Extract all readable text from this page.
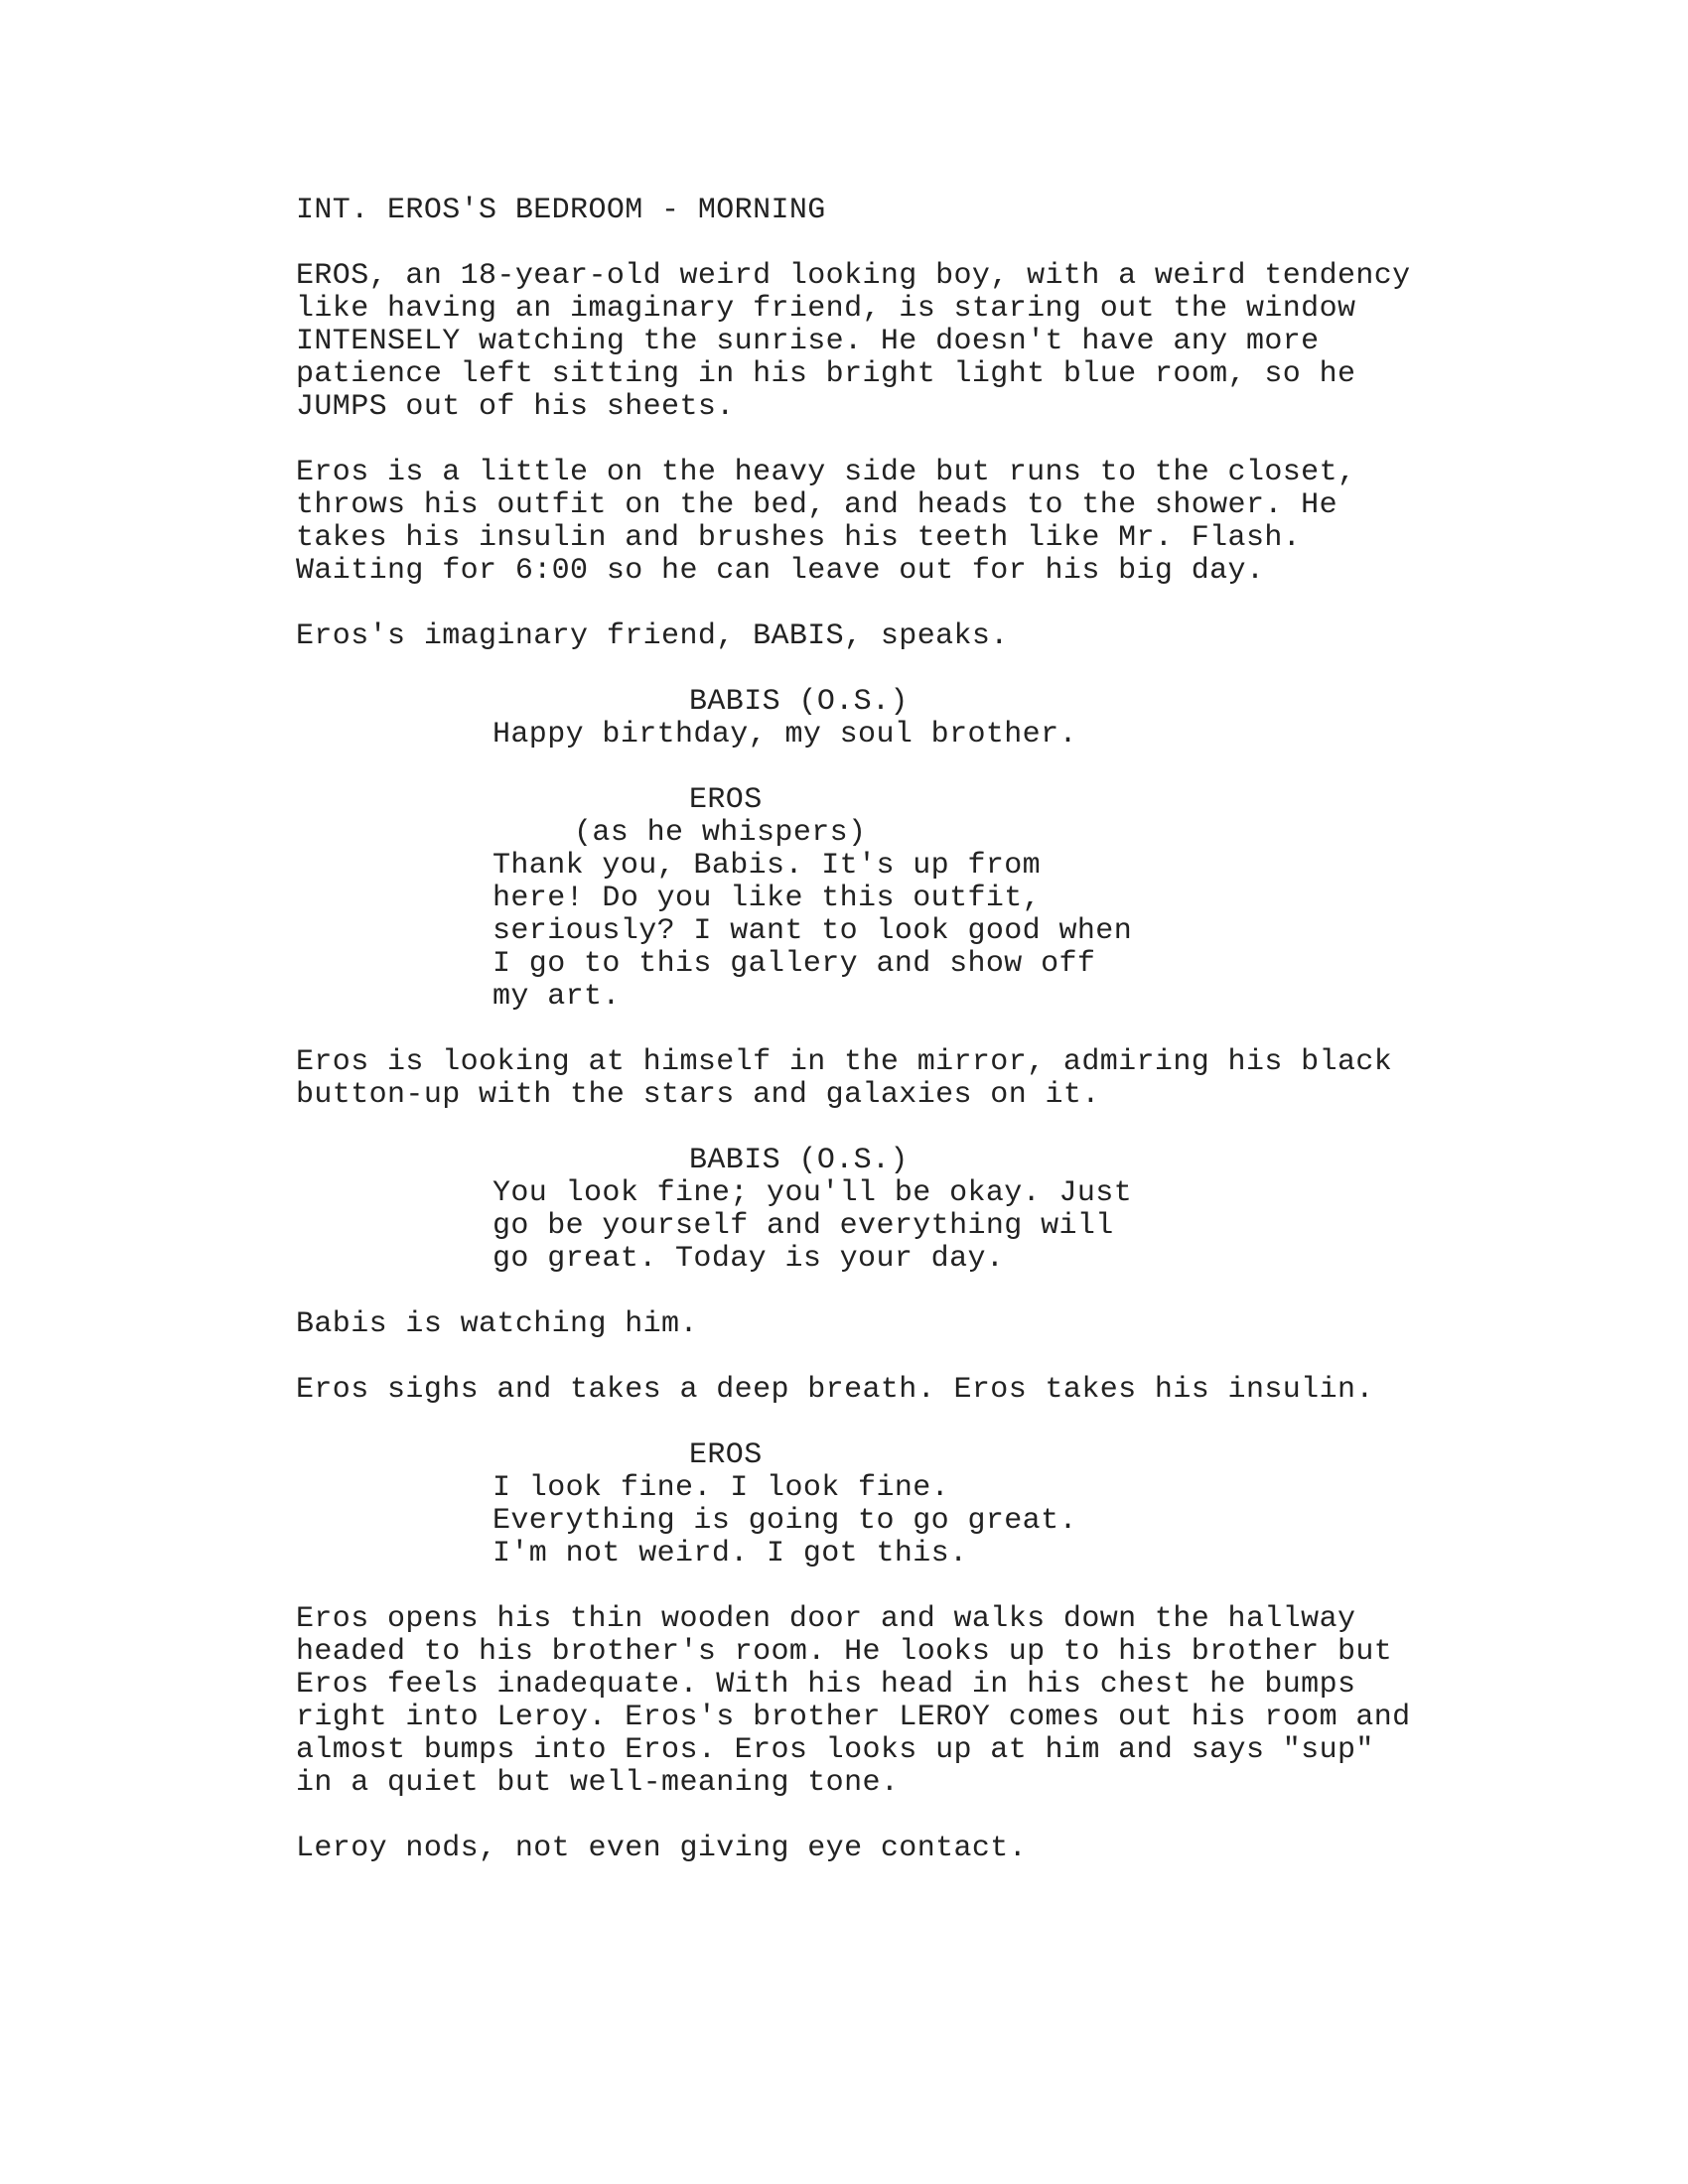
INT. EROS'S BEDROOM - MORNING
EROS, an 18-year-old weird looking boy, with a weird tendency
like having an imaginary friend, is staring out the window
INTENSELY watching the sunrise. He doesn't have any more
patience left sitting in his bright light blue room, so he
JUMPS out of his sheets.
Eros is a little on the heavy side but runs to the closet,
throws his outfit on the bed, and heads to the shower. He
takes his insulin and brushes his teeth like Mr. Flash.
Waiting for 6:00 so he can leave out for his big day.
Eros's imaginary friend, BABIS, speaks.
BABIS (O.S.)
Happy birthday, my soul brother.
EROS
(as he whispers)
Thank you, Babis. It's up from
here! Do you like this outfit,
seriously? I want to look good when
I go to this gallery and show off
my art.
Eros is looking at himself in the mirror, admiring his black
button-up with the stars and galaxies on it.
BABIS (O.S.)
You look fine; you'll be okay. Just
go be yourself and everything will
go great. Today is your day.
Babis is watching him.
Eros sighs and takes a deep breath. Eros takes his insulin.
EROS
I look fine. I look fine.
Everything is going to go great.
I'm not weird. I got this.
Eros opens his thin wooden door and walks down the hallway
headed to his brother's room. He looks up to his brother but
Eros feels inadequate. With his head in his chest he bumps
right into Leroy. Eros's brother LEROY comes out his room and
almost bumps into Eros. Eros looks up at him and says "sup"
in a quiet but well-meaning tone.
Leroy nods, not even giving eye contact.
